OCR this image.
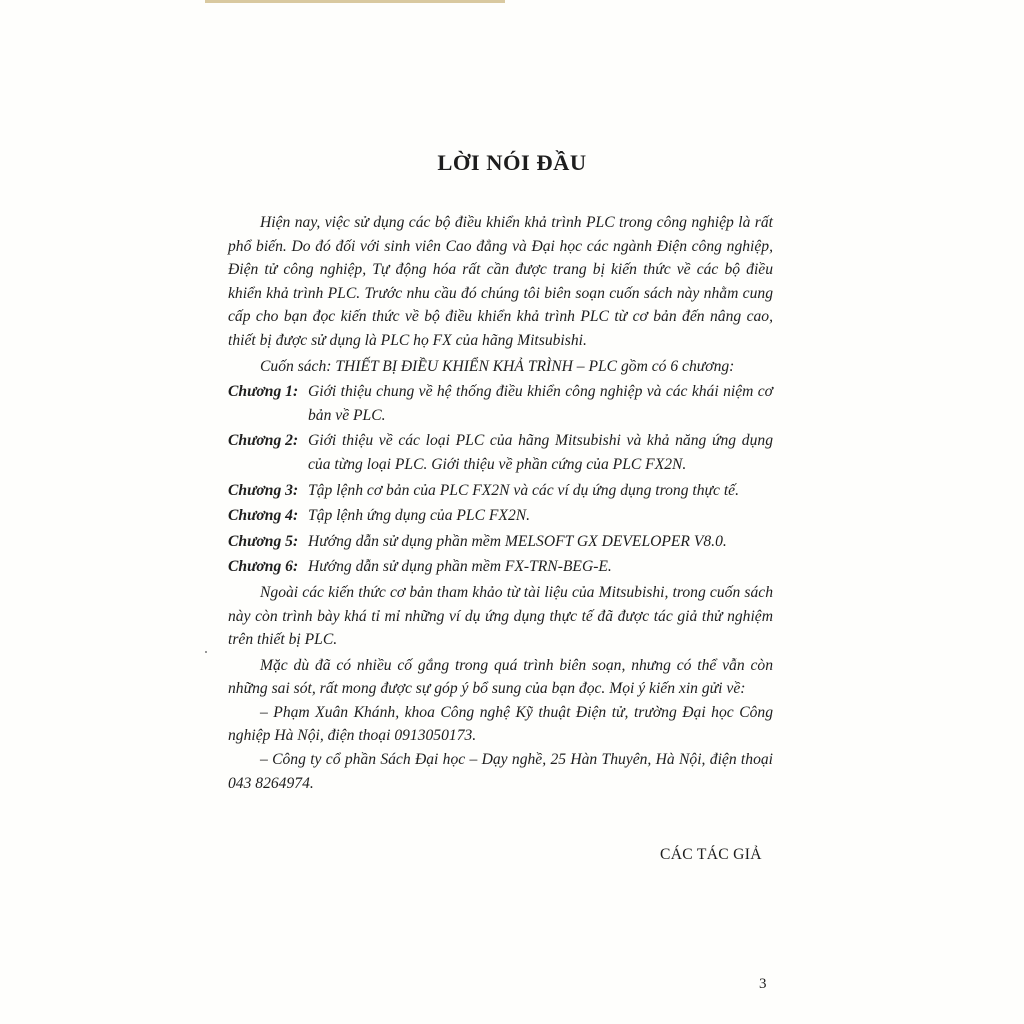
LỜI NÓI ĐẦU

Hiện nay, việc sử dụng các bộ điều khiển khả trình PLC trong công nghiệp là rất phổ biến. Do đó đối với sinh viên Cao đẳng và Đại học các ngành Điện công nghiệp, Điện tử công nghiệp, Tự động hóa rất cần được trang bị kiến thức về các bộ điều khiển khả trình PLC. Trước nhu cầu đó chúng tôi biên soạn cuốn sách này nhằm cung cấp cho bạn đọc kiến thức về bộ điều khiển khả trình PLC từ cơ bản đến nâng cao, thiết bị được sử dụng là PLC họ FX của hãng Mitsubishi.

Cuốn sách: THIẾT BỊ ĐIỀU KHIỂN KHẢ TRÌNH – PLC gồm có 6 chương:

Chương 1: Giới thiệu chung về hệ thống điều khiển công nghiệp và các khái niệm cơ bản về PLC.
Chương 2: Giới thiệu về các loại PLC của hãng Mitsubishi và khả năng ứng dụng của từng loại PLC. Giới thiệu về phần cứng của PLC FX2N.
Chương 3: Tập lệnh cơ bản của PLC FX2N và các ví dụ ứng dụng trong thực tế.
Chương 4: Tập lệnh ứng dụng của PLC FX2N.
Chương 5: Hướng dẫn sử dụng phần mềm MELSOFT GX DEVELOPER V8.0.
Chương 6: Hướng dẫn sử dụng phần mềm FX-TRN-BEG-E.

Ngoài các kiến thức cơ bản tham khảo từ tài liệu của Mitsubishi, trong cuốn sách này còn trình bày khá tỉ mỉ những ví dụ ứng dụng thực tế đã được tác giả thử nghiệm trên thiết bị PLC.

Mặc dù đã có nhiều cố gắng trong quá trình biên soạn, nhưng có thể vẫn còn những sai sót, rất mong được sự góp ý bổ sung của bạn đọc. Mọi ý kiến xin gửi về:

– Phạm Xuân Khánh, khoa Công nghệ Kỹ thuật Điện tử, trường Đại học Công nghiệp Hà Nội, điện thoại 0913050173.

– Công ty cổ phần Sách Đại học – Dạy nghề, 25 Hàn Thuyên, Hà Nội, điện thoại 043 8264974.

CÁC TÁC GIẢ
3
